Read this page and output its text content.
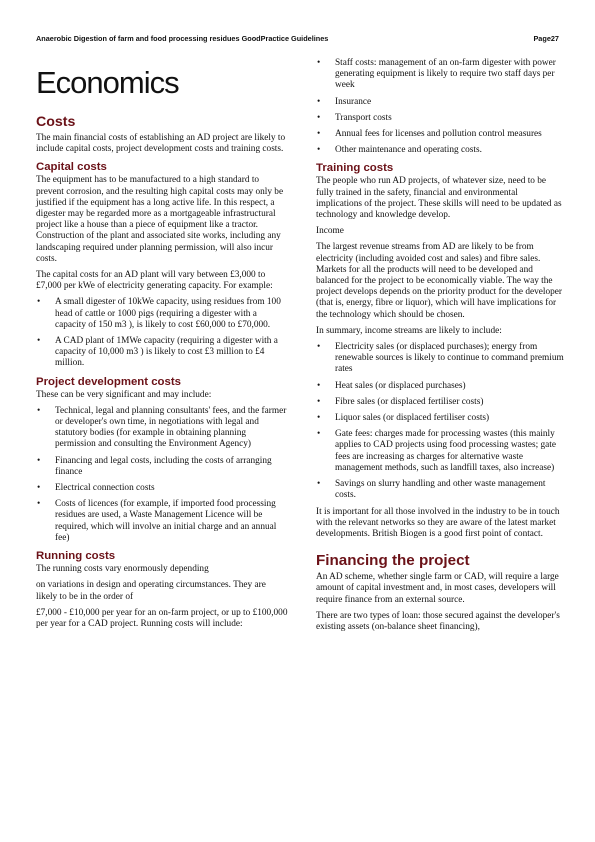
Anaerobic Digestion of farm and food processing residues GoodPractice Guidelines	Page27
Economics
Costs

The main financial costs of establishing an AD project are likely to include capital costs, project development costs and training costs.

Capital costs

The equipment has to be manufactured to a high standard to prevent corrosion, and the resulting high capital costs may only be justified if the equipment has a long active life. In this respect, a digester may be regarded more as a mortgageable infrastructural project like a house than a piece of equipment like a tractor. Construction of the plant and associated site works, including any landscaping required under planning permission, will also incur costs.

The capital costs for an AD plant will vary between £3,000 to £7,000 per kWe of electricity generating capacity. For example:

• A small digester of 10kWe capacity, using residues from 100 head of cattle or 1000 pigs (requiring a digester with a capacity of 150 m3 ), is likely to cost £60,000 to £70,000.
• A CAD plant of 1MWe capacity (requiring a digester with a capacity of 10,000 m3 ) is likely to cost £3 million to £4 million.
Project development costs

These can be very significant and may include:

• Technical, legal and planning consultants' fees, and the farmer or developer's own time, in negotiations with legal and statutory bodies (for example in obtaining planning permission and consulting the Environment Agency)
• Financing and legal costs, including the costs of arranging finance
• Electrical connection costs
• Costs of licences (for example, if imported food processing residues are used, a Waste Management Licence will be required, which will involve an initial charge and an annual fee)
Running costs

The running costs vary enormously depending

on variations in design and operating circumstances. They are likely to be in the order of

£7,000 - £10,000 per year for an on-farm project, or up to £100,000 per year for a CAD project. Running costs will include:

• Staff costs: management of an on-farm digester with power generating equipment is likely to require two staff days per week
• Insurance
• Transport costs
• Annual fees for licenses and pollution control measures
• Other maintenance and operating costs.
Training costs

The people who run AD projects, of whatever size, need to be fully trained in the safety, financial and environmental implications of the project. These skills will need to be updated as technology and knowledge develop.

Income

The largest revenue streams from AD are likely to be from electricity (including avoided cost and sales) and fibre sales. Markets for all the products will need to be developed and balanced for the project to be economically viable. The way the project develops depends on the priority product for the developer (that is, energy, fibre or liquor), which will have implications for the technology which should be chosen.

In summary, income streams are likely to include:

• Electricity sales (or displaced purchases); energy from renewable sources is likely to continue to command premium rates
• Heat sales (or displaced purchases)
• Fibre sales (or displaced fertiliser costs)
• Liquor sales (or displaced fertiliser costs)
• Gate fees: charges made for processing wastes (this mainly applies to CAD projects using food processing wastes; gate fees are increasing as charges for alternative waste management methods, such as landfill taxes, also increase)
• Savings on slurry handling and other waste management costs.

It is important for all those involved in the industry to be in touch with the relevant networks so they are aware of the latest market developments. British Biogen is a good first point of contact.

Financing the project

An AD scheme, whether single farm or CAD, will require a large amount of capital investment and, in most cases, developers will require finance from an external source.

There are two types of loan: those secured against the developer's existing assets (on-balance sheet financing),
